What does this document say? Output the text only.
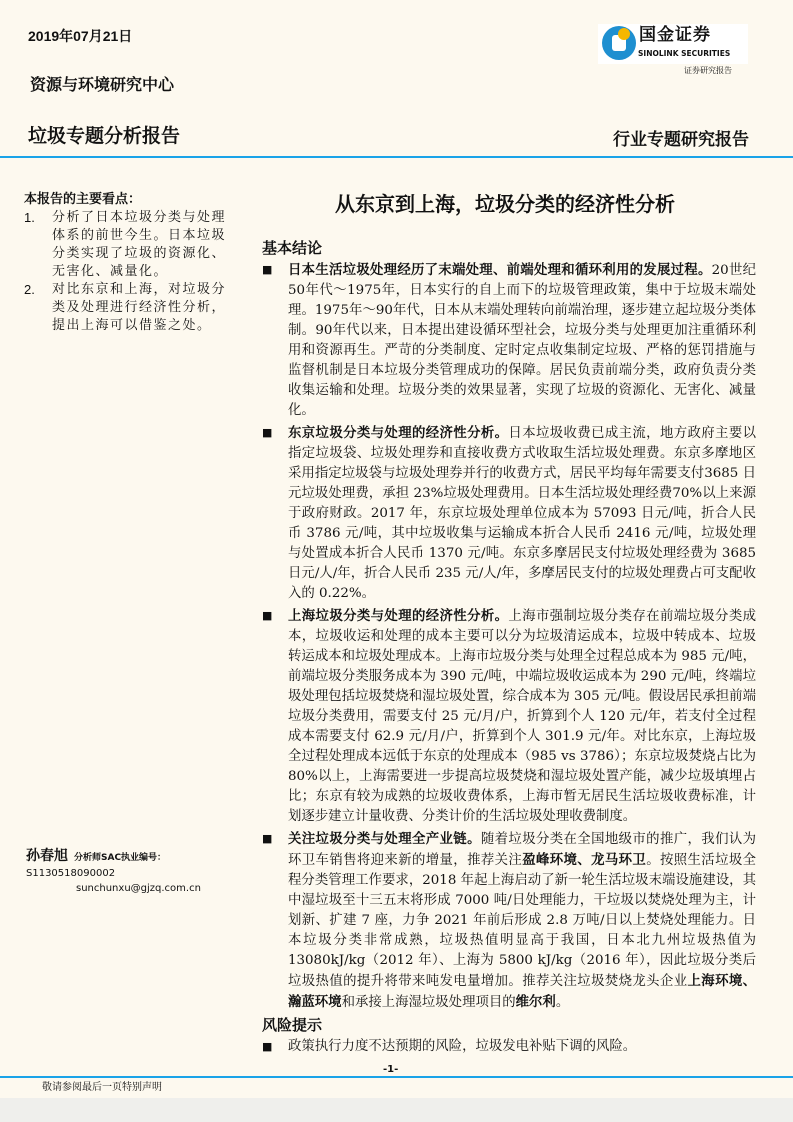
2019年07月21日
资源与环境研究中心
垃圾专题分析报告	行业专题研究报告
国金证券
SINOLINK SECURITIES
证券研究报告
本报告的主要看点：
1.	分析了日本垃圾分类与处理体系的前世今生。日本垃圾分类实现了垃圾的资源化、无害化、减量化。
2.	对比东京和上海，对垃圾分类及处理进行经济性分析，提出上海可以借鉴之处。
从东京到上海，垃圾分类的经济性分析
基本结论
■	日本生活垃圾处理经历了末端处理、前端处理和循环利用的发展过程。20世纪50年代～1975年，日本实行的自上而下的垃圾管理政策，集中于垃圾末端处理。1975年～90年代，日本从末端处理转向前端治理，逐步建立起垃圾分类体制。90年代以来，日本提出建设循环型社会，垃圾分类与处理更加注重循环利用和资源再生。严苛的分类制度、定时定点收集制定垃圾、严格的惩罚措施与监督机制是日本垃圾分类管理成功的保障。居民负责前端分类，政府负责分类收集运输和处理。垃圾分类的效果显著，实现了垃圾的资源化、无害化、减量化。
■	东京垃圾分类与处理的经济性分析。日本垃圾收费已成主流，地方政府主要以指定垃圾袋、垃圾处理券和直接收费方式收取生活垃圾处理费。东京多摩地区采用指定垃圾袋与垃圾处理券并行的收费方式，居民平均每年需要支付3685 日元垃圾处理费，承担 23%垃圾处理费用。日本生活垃圾处理经费70%以上来源于政府财政。2017 年，东京垃圾处理单位成本为 57093 日元/吨，折合人民币 3786 元/吨，其中垃圾收集与运输成本折合人民币 2416 元/吨，垃圾处理与处置成本折合人民币 1370 元/吨。东京多摩居民支付垃圾处理经费为 3685 日元/人/年，折合人民币 235 元/人/年，多摩居民支付的垃圾处理费占可支配收入的 0.22%。
■	上海垃圾分类与处理的经济性分析。上海市强制垃圾分类存在前端垃圾分类成本，垃圾收运和处理的成本主要可以分为垃圾清运成本，垃圾中转成本、垃圾转运成本和垃圾处理成本。上海市垃圾分类与处理全过程总成本为 985 元/吨，前端垃圾分类服务成本为 390 元/吨，中端垃圾收运成本为 290 元/吨，终端垃圾处理包括垃圾焚烧和湿垃圾处置，综合成本为 305 元/吨。假设居民承担前端垃圾分类费用，需要支付 25 元/月/户，折算到个人 120 元/年，若支付全过程成本需要支付 62.9 元/月/户，折算到个人 301.9 元/年。对比东京，上海垃圾全过程处理成本远低于东京的处理成本（985 vs 3786）；东京垃圾焚烧占比为 80%以上，上海需要进一步提高垃圾焚烧和湿垃圾处置产能，减少垃圾填埋占比；东京有较为成熟的垃圾收费体系，上海市暂无居民生活垃圾收费标准，计划逐步建立计量收费、分类计价的生活垃圾处理收费制度。
■	关注垃圾分类与处理全产业链。随着垃圾分类在全国地级市的推广，我们认为环卫车销售将迎来新的增量，推荐关注盈峰环境、龙马环卫。按照生活垃圾全程分类管理工作要求，2018 年起上海启动了新一轮生活垃圾末端设施建设，其中湿垃圾至十三五末将形成 7000 吨/日处理能力，干垃圾以焚烧处理为主，计划新、扩建 7 座，力争 2021 年前后形成 2.8 万吨/日以上焚烧处理能力。日本垃圾分类非常成熟，垃圾热值明显高于我国，日本北九州垃圾热值为 13080kJ/kg（2012 年）、上海为 5800 kJ/kg（2016 年），因此垃圾分类后垃圾热值的提升将带来吨发电量增加。推荐关注垃圾焚烧龙头企业上海环境、瀚蓝环境和承接上海湿垃圾处理项目的维尔利。
风险提示
■	政策执行力度不达预期的风险，垃圾发电补贴下调的风险。
孙春旭 分析师SAC执业编号：S1130518090002
sunchunxu@gjzq.com.cn
-1-
敬请参阅最后一页特别声明
